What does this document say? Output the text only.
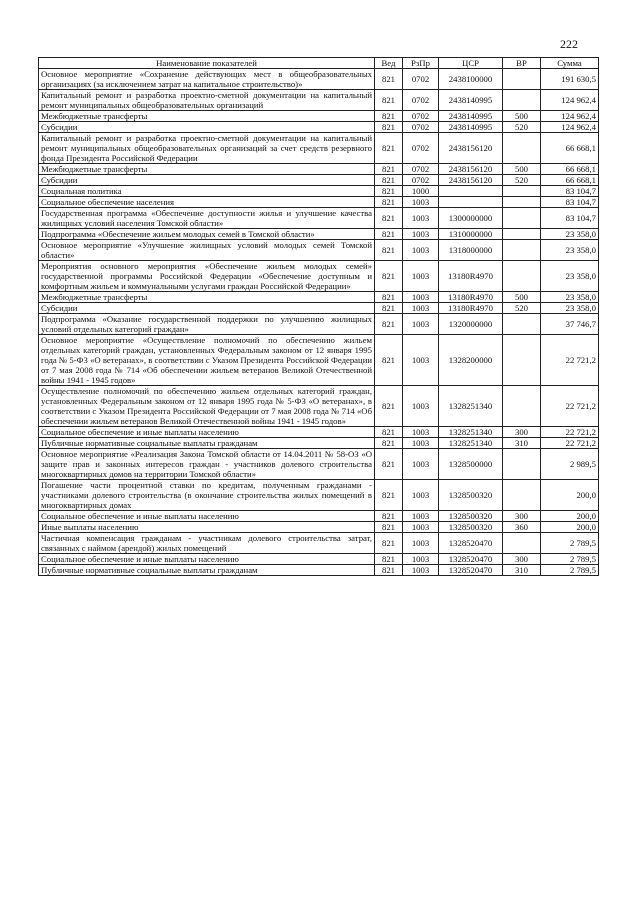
222
Наименование показателей	Вед	РзПр	ЦСР	ВР	Сумма
Основное мероприятие «Сохранение действующих мест в общеобразовательных организациях (за исключением затрат на капитальное строительство)»	821	0702	2438100000		191 630,5
Капитальный ремонт и разработка проектно-сметной документации на капитальный ремонт муниципальных общеобразовательных организаций	821	0702	2438140995		124 962,4
Межбюджетные трансферты	821	0702	2438140995	500	124 962,4
Субсидии	821	0702	2438140995	520	124 962,4
Капитальный ремонт и разработка проектно-сметной документации на капитальный ремонт муниципальных общеобразовательных организаций за счет средств резервного фонда Президента Российской Федерации	821	0702	2438156120		66 668,1
Межбюджетные трансферты	821	0702	2438156120	500	66 668,1
Субсидии	821	0702	2438156120	520	66 668,1
Социальная политика	821	1000			83 104,7
Социальное обеспечение населения	821	1003			83 104,7
Государственная программа «Обеспечение доступности жилья и улучшение качества жилищных условий населения Томской области»	821	1003	1300000000		83 104,7
Подпрограмма «Обеспечение жильем молодых семей в Томской области»	821	1003	1310000000		23 358,0
Основное мероприятие «Улучшение жилищных условий молодых семей Томской области»	821	1003	1318000000		23 358,0
Мероприятия основного мероприятия «Обеспечение жильем молодых семей» государственной программы Российской Федерации «Обеспечение доступным и комфортным жильем и коммунальными услугами граждан Российской Федерации»	821	1003	13180R4970		23 358,0
Межбюджетные трансферты	821	1003	13180R4970	500	23 358,0
Субсидии	821	1003	13180R4970	520	23 358,0
Подпрограмма «Оказание государственной поддержки по улучшению жилищных условий отдельных категорий граждан»	821	1003	1320000000		37 746,7
Основное мероприятие «Осуществление полномочий по обеспечению жильем отдельных категорий граждан, установленных Федеральным законом от 12 января 1995 года № 5-ФЗ «О ветеранах», в соответствии с Указом Президента Российской Федерации от 7 мая 2008 года № 714 «Об обеспечении жильем ветеранов Великой Отечественной войны 1941 - 1945 годов»	821	1003	1328200000		22 721,2
Осуществление полномочий по обеспечению жильем отдельных категорий граждан, установленных Федеральным законом от 12 января 1995 года № 5-ФЗ «О ветеранах», в соответствии с Указом Президента Российской Федерации от 7 мая 2008 года № 714 «Об обеспечении жильем ветеранов Великой Отечественной войны 1941 - 1945 годов»	821	1003	1328251340		22 721,2
Социальное обеспечение и иные выплаты населению	821	1003	1328251340	300	22 721,2
Публичные нормативные социальные выплаты гражданам	821	1003	1328251340	310	22 721,2
Основное мероприятие «Реализация Закона Томской области от 14.04.2011 № 58-ОЗ «О защите прав и законных интересов граждан - участников долевого строительства многоквартирных домов на территории Томской области»	821	1003	1328500000		2 989,5
Погашение части процентной ставки по кредитам, полученным гражданами - участниками долевого строительства (в окончание строительства жилых помещений в многоквартирных домах	821	1003	1328500320		200,0
Социальное обеспечение и иные выплаты населению	821	1003	1328500320	300	200,0
Иные выплаты населению	821	1003	1328500320	360	200,0
Частичная компенсация гражданам - участникам долевого строительства затрат, связанных с наймом (арендой) жилых помещений	821	1003	1328520470		2 789,5
Социальное обеспечение и иные выплаты населению	821	1003	1328520470	300	2 789,5
Публичные нормативные социальные выплаты гражданам	821	1003	1328520470	310	2 789,5
